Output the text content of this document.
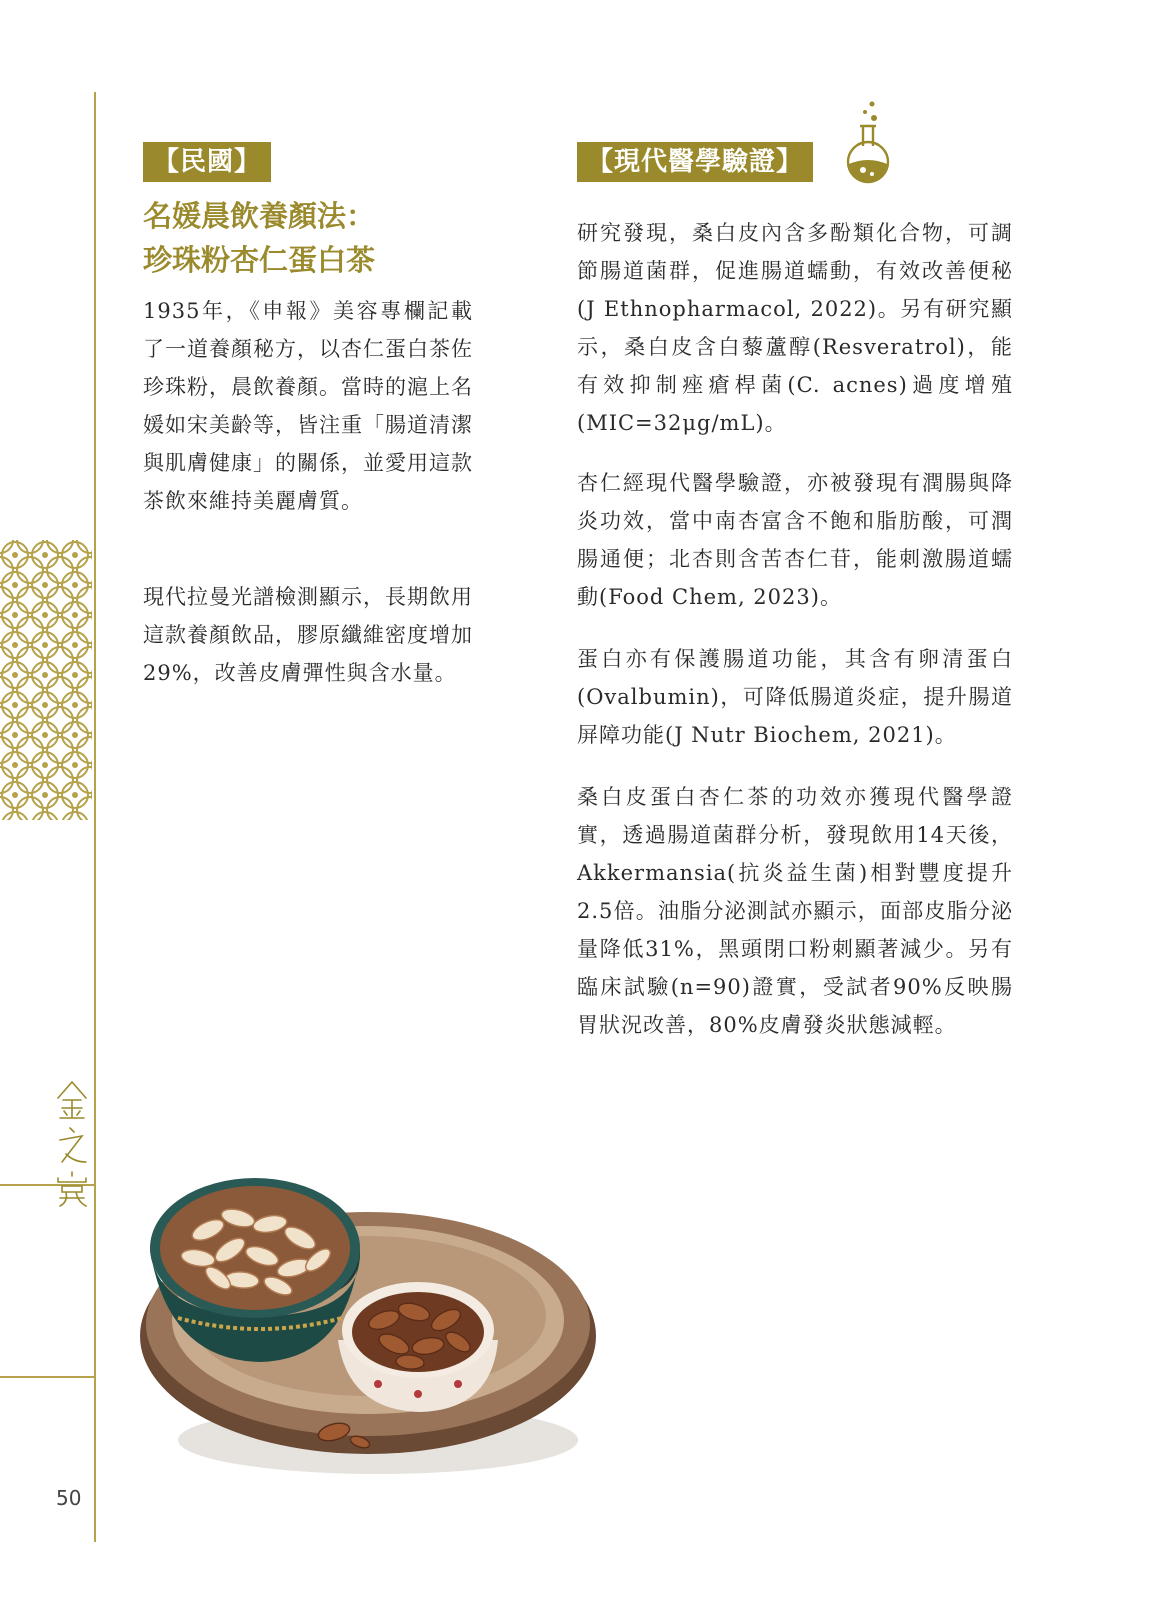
50
【民國】
名媛晨飲養顏法：
珍珠粉杏仁蛋白茶

1935年，《申報》美容專欄記載了一道養顏秘方，以杏仁蛋白茶佐珍珠粉，晨飲養顏。當時的滬上名媛如宋美齡等，皆注重「腸道清潔與肌膚健康」的關係，並愛用這款茶飲來維持美麗膚質。

現代拉曼光譜檢測顯示，長期飲用這款養顏飲品，膠原纖維密度增加29%，改善皮膚彈性與含水量。

【現代醫學驗證】

研究發現，桑白皮內含多酚類化合物，可調節腸道菌群，促進腸道蠕動，有效改善便秘(J Ethnopharmacol, 2022)。另有研究顯示，桑白皮含白藜蘆醇(Resveratrol)，能有效抑制痤瘡桿菌(C. acnes)過度增殖(MIC=32μg/mL)。

杏仁經現代醫學驗證，亦被發現有潤腸與降炎功效，當中南杏富含不飽和脂肪酸，可潤腸通便；北杏則含苦杏仁苷，能刺激腸道蠕動(Food Chem, 2023)。

蛋白亦有保護腸道功能，其含有卵清蛋白(Ovalbumin)，可降低腸道炎症，提升腸道屏障功能(J Nutr Biochem, 2021)。

桑白皮蛋白杏仁茶的功效亦獲現代醫學證實，透過腸道菌群分析，發現飲用14天後，Akkermansia(抗炎益生菌)相對豐度提升2.5倍。油脂分泌測試亦顯示，面部皮脂分泌量降低31%，黑頭閉口粉刺顯著減少。另有臨床試驗(n=90)證實，受試者90%反映腸胃狀況改善，80%皮膚發炎狀態減輕。
